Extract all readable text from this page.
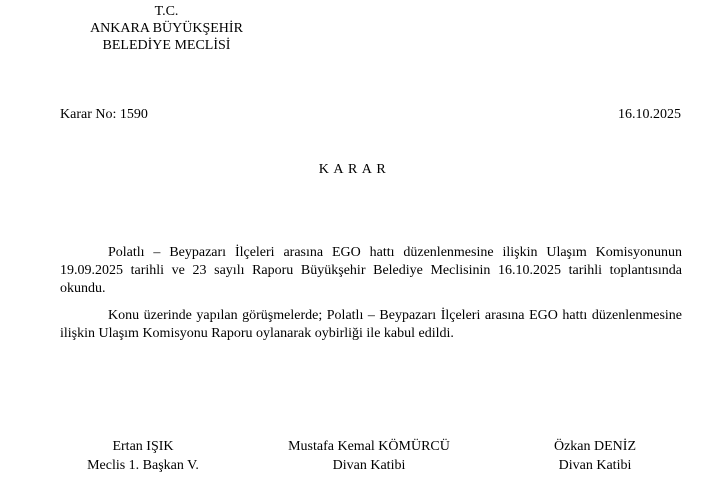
T.C.
ANKARA BÜYÜKŞEHİR
BELEDİYE MECLİSİ
Karar No: 1590	16.10.2025
KARAR

Polatlı – Beypazarı İlçeleri arasına EGO hattı düzenlenmesine ilişkin Ulaşım Komisyonunun 19.09.2025 tarihli ve 23 sayılı Raporu Büyükşehir Belediye Meclisinin 16.10.2025 tarihli toplantısında okundu.

Konu üzerinde yapılan görüşmelerde; Polatlı – Beypazarı İlçeleri arasına EGO hattı düzenlenmesine ilişkin Ulaşım Komisyonu Raporu oylanarak oybirliği ile kabul edildi.

Ertan IŞIK
Meclis 1. Başkan V.
Mustafa Kemal KÖMÜRCÜ
Divan Katibi
Özkan DENİZ
Divan Katibi
